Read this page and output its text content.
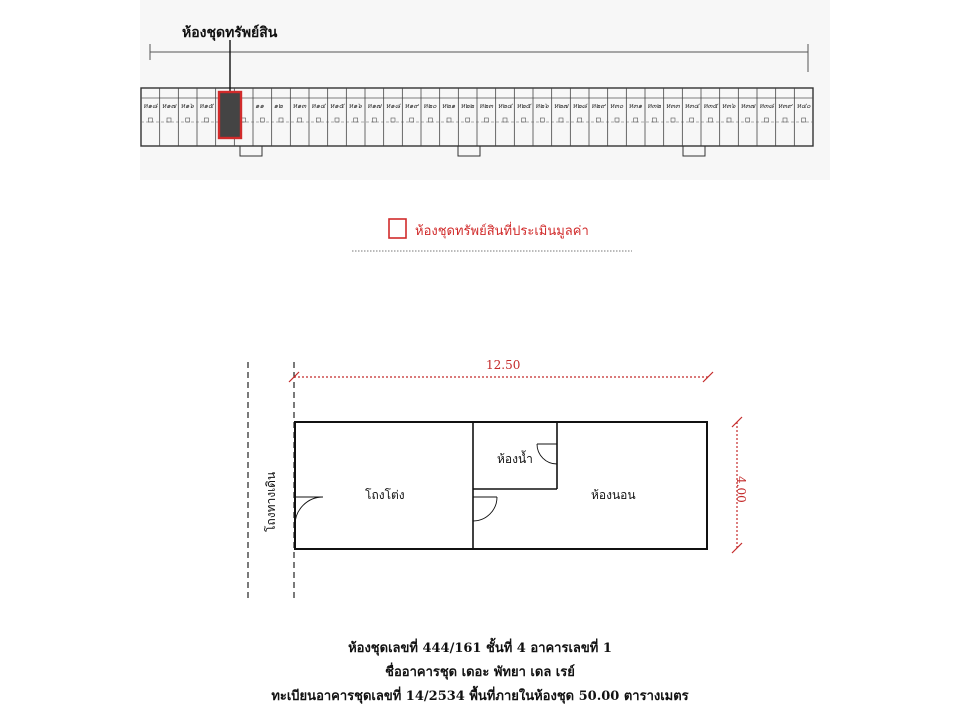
ห๑๘ ห๑๗ ห๑๖ ห๑๕	๑๑ ๑๒ ห๑๓ ห๑๔ ห๑๕ ห๑๖ ห๑๗ ห๑๘ ห๑๙ ห๒๐ ห๒๑ ห๒๒ ห๒๓ ห๒๔ ห๒๕ ห๒๖ ห๒๗ ห๒๘ ห๒๙ ห๓๐ ห๓๑ ห๓๒ ห๓๓ ห๓๔ ห๓๕ ห๓๖ ห๓๗ ห๓๘ ห๓๙ ห๔๐
ห้องชุดทรัพย์สิน
ห้องชุดทรัพย์สินที่ประเมินมูลค่า
12.50
4.00
ห้องน้ำ
โถงโต่ง	ห้องนอน
โถงทางเดิน
ห้องชุดเลขที่ 444/161 ชั้นที่ 4 อาคารเลขที่ 1
ชื่ออาคารชุด เดอะ พัทยา เดล เรย์
ทะเบียนอาคารชุดเลขที่ 14/2534 พื้นที่ภายในห้องชุด 50.00 ตารางเมตร
